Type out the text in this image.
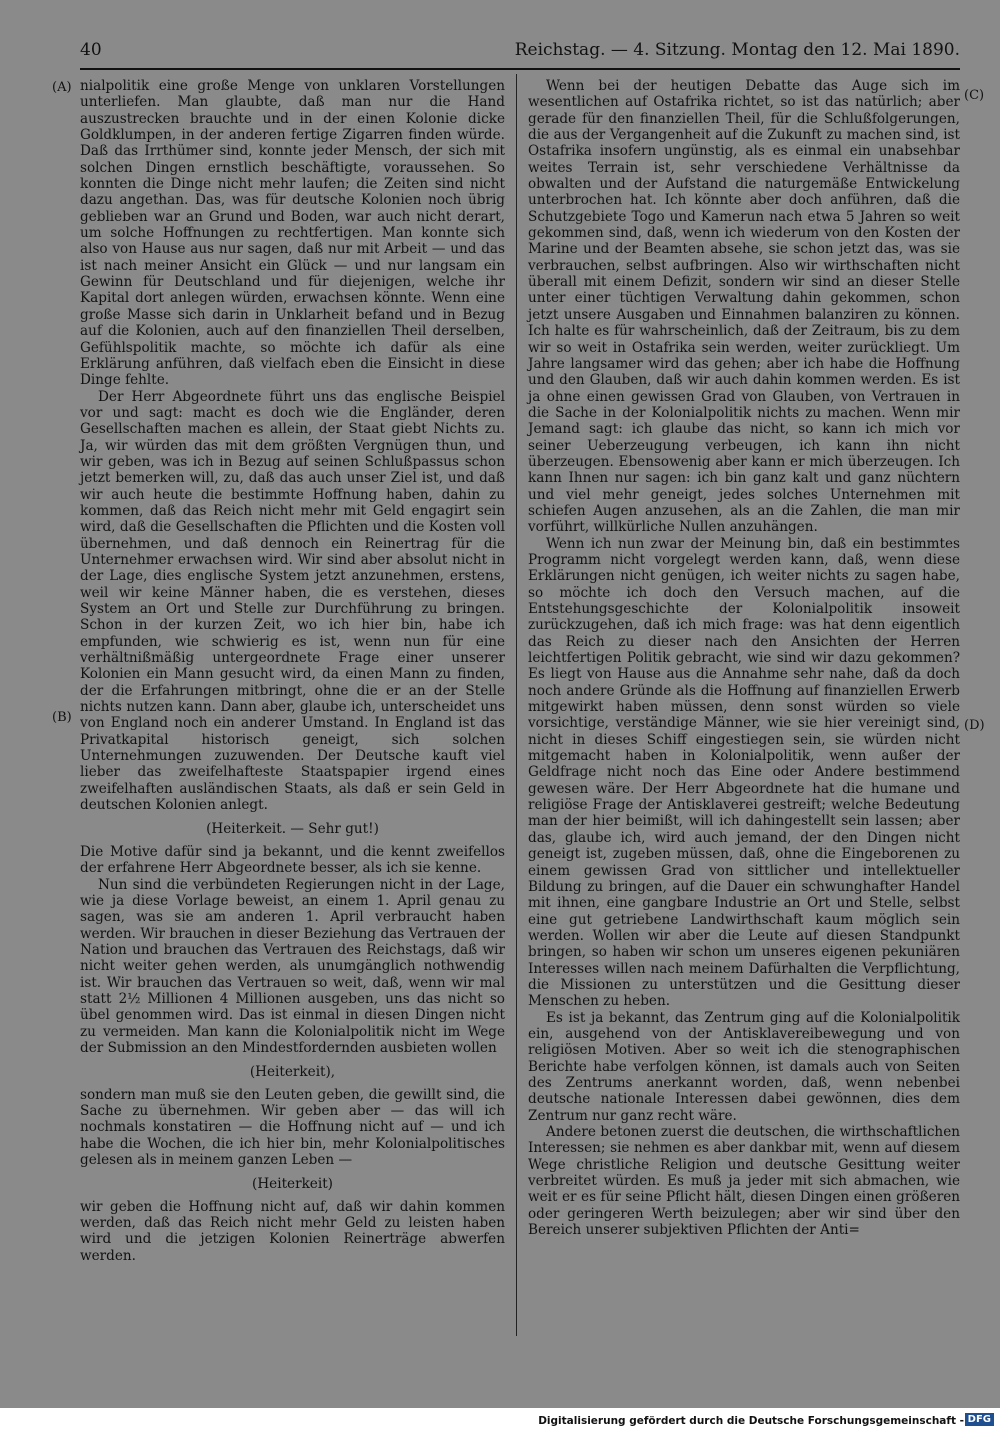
40	Reichstag. — 4. Sitzung. Montag den 12. Mai 1890.
(A)
(B)
(C)
(D)

nialpolitik eine große Menge von unklaren Vorstellungen unterliefen. Man glaubte, daß man nur die Hand auszustrecken brauchte und in der einen Kolonie dicke Goldklumpen, in der anderen fertige Zigarren finden würde. Daß das Irrthümer sind, konnte jeder Mensch, der sich mit solchen Dingen ernstlich beschäftigte, voraussehen. So konnten die Dinge nicht mehr laufen; die Zeiten sind nicht dazu angethan. Das, was für deutsche Kolonien noch übrig geblieben war an Grund und Boden, war auch nicht derart, um solche Hoffnungen zu rechtfertigen. Man konnte sich also von Hause aus nur sagen, daß nur mit Arbeit — und das ist nach meiner Ansicht ein Glück — und nur langsam ein Gewinn für Deutschland und für diejenigen, welche ihr Kapital dort anlegen würden, erwachsen könnte. Wenn eine große Masse sich darin in Unklarheit befand und in Bezug auf die Kolonien, auch auf den finanziellen Theil derselben, Gefühlspolitik machte, so möchte ich dafür als eine Erklärung anführen, daß vielfach eben die Einsicht in diese Dinge fehlte.

Der Herr Abgeordnete führt uns das englische Beispiel vor und sagt: macht es doch wie die Engländer, deren Gesellschaften machen es allein, der Staat giebt Nichts zu. Ja, wir würden das mit dem größten Vergnügen thun, und wir geben, was ich in Bezug auf seinen Schlußpassus schon jetzt bemerken will, zu, daß das auch unser Ziel ist, und daß wir auch heute die bestimmte Hoffnung haben, dahin zu kommen, daß das Reich nicht mehr mit Geld engagirt sein wird, daß die Gesellschaften die Pflichten und die Kosten voll übernehmen, und daß dennoch ein Reinertrag für die Unternehmer erwachsen wird. Wir sind aber absolut nicht in der Lage, dies englische System jetzt anzunehmen, erstens, weil wir keine Männer haben, die es verstehen, dieses System an Ort und Stelle zur Durchführung zu bringen. Schon in der kurzen Zeit, wo ich hier bin, habe ich empfunden, wie schwierig es ist, wenn nun für eine verhältnißmäßig untergeordnete Frage einer unserer Kolonien ein Mann gesucht wird, da einen Mann zu finden, der die Erfahrungen mitbringt, ohne die er an der Stelle nichts nutzen kann. Dann aber, glaube ich, unterscheidet uns von England noch ein anderer Umstand. In England ist das Privatkapital historisch geneigt, sich solchen Unternehmungen zuzuwenden. Der Deutsche kauft viel lieber das zweifelhafteste Staatspapier irgend eines zweifelhaften ausländischen Staats, als daß er sein Geld in deutschen Kolonien anlegt.

(Heiterkeit. — Sehr gut!)

Die Motive dafür sind ja bekannt, und die kennt zweifellos der erfahrene Herr Abgeordnete besser, als ich sie kenne.

Nun sind die verbündeten Regierungen nicht in der Lage, wie ja diese Vorlage beweist, an einem 1. April genau zu sagen, was sie am anderen 1. April verbraucht haben werden. Wir brauchen in dieser Beziehung das Vertrauen der Nation und brauchen das Vertrauen des Reichstags, daß wir nicht weiter gehen werden, als unumgänglich nothwendig ist. Wir brauchen das Vertrauen so weit, daß, wenn wir mal statt 2½ Millionen 4 Millionen ausgeben, uns das nicht so übel genommen wird. Das ist einmal in diesen Dingen nicht zu vermeiden. Man kann die Kolonialpolitik nicht im Wege der Submission an den Mindestfordernden ausbieten wollen

(Heiterkeit),

sondern man muß sie den Leuten geben, die gewillt sind, die Sache zu übernehmen. Wir geben aber — das will ich nochmals konstatiren — die Hoffnung nicht auf — und ich habe die Wochen, die ich hier bin, mehr Kolonialpolitisches gelesen als in meinem ganzen Leben —

(Heiterkeit)

wir geben die Hoffnung nicht auf, daß wir dahin kommen werden, daß das Reich nicht mehr Geld zu leisten haben wird und die jetzigen Kolonien Reinerträge abwerfen werden.

Wenn bei der heutigen Debatte das Auge sich im wesentlichen auf Ostafrika richtet, so ist das natürlich; aber gerade für den finanziellen Theil, für die Schlußfolgerungen, die aus der Vergangenheit auf die Zukunft zu machen sind, ist Ostafrika insofern ungünstig, als es einmal ein unabsehbar weites Terrain ist, sehr verschiedene Verhältnisse da obwalten und der Aufstand die naturgemäße Entwickelung unterbrochen hat. Ich könnte aber doch anführen, daß die Schutzgebiete Togo und Kamerun nach etwa 5 Jahren so weit gekommen sind, daß, wenn ich wiederum von den Kosten der Marine und der Beamten absehe, sie schon jetzt das, was sie verbrauchen, selbst aufbringen. Also wir wirthschaften nicht überall mit einem Defizit, sondern wir sind an dieser Stelle unter einer tüchtigen Verwaltung dahin gekommen, schon jetzt unsere Ausgaben und Einnahmen balanziren zu können. Ich halte es für wahrscheinlich, daß der Zeitraum, bis zu dem wir so weit in Ostafrika sein werden, weiter zurückliegt. Um Jahre langsamer wird das gehen; aber ich habe die Hoffnung und den Glauben, daß wir auch dahin kommen werden. Es ist ja ohne einen gewissen Grad von Glauben, von Vertrauen in die Sache in der Kolonialpolitik nichts zu machen. Wenn mir Jemand sagt: ich glaube das nicht, so kann ich mich vor seiner Ueberzeugung verbeugen, ich kann ihn nicht überzeugen. Ebensowenig aber kann er mich überzeugen. Ich kann Ihnen nur sagen: ich bin ganz kalt und ganz nüchtern und viel mehr geneigt, jedes solches Unternehmen mit schiefen Augen anzusehen, als an die Zahlen, die man mir vorführt, willkürliche Nullen anzuhängen.

Wenn ich nun zwar der Meinung bin, daß ein bestimmtes Programm nicht vorgelegt werden kann, daß, wenn diese Erklärungen nicht genügen, ich weiter nichts zu sagen habe, so möchte ich doch den Versuch machen, auf die Entstehungsgeschichte der Kolonialpolitik insoweit zurückzugehen, daß ich mich frage: was hat denn eigentlich das Reich zu dieser nach den Ansichten der Herren leichtfertigen Politik gebracht, wie sind wir dazu gekommen? Es liegt von Hause aus die Annahme sehr nahe, daß da doch noch andere Gründe als die Hoffnung auf finanziellen Erwerb mitgewirkt haben müssen, denn sonst würden so viele vorsichtige, verständige Männer, wie sie hier vereinigt sind, nicht in dieses Schiff eingestiegen sein, sie würden nicht mitgemacht haben in Kolonialpolitik, wenn außer der Geldfrage nicht noch das Eine oder Andere bestimmend gewesen wäre. Der Herr Abgeordnete hat die humane und religiöse Frage der Antisklaverei gestreift; welche Bedeutung man der hier beimißt, will ich dahingestellt sein lassen; aber das, glaube ich, wird auch jemand, der den Dingen nicht geneigt ist, zugeben müssen, daß, ohne die Eingeborenen zu einem gewissen Grad von sittlicher und intellektueller Bildung zu bringen, auf die Dauer ein schwunghafter Handel mit ihnen, eine gangbare Industrie an Ort und Stelle, selbst eine gut getriebene Landwirthschaft kaum möglich sein werden. Wollen wir aber die Leute auf diesen Standpunkt bringen, so haben wir schon um unseres eigenen pekuniären Interesses willen nach meinem Dafürhalten die Verpflichtung, die Missionen zu unterstützen und die Gesittung dieser Menschen zu heben.

Es ist ja bekannt, das Zentrum ging auf die Kolonialpolitik ein, ausgehend von der Antisklavereibewegung und von religiösen Motiven. Aber so weit ich die stenographischen Berichte habe verfolgen können, ist damals auch von Seiten des Zentrums anerkannt worden, daß, wenn nebenbei deutsche nationale Interessen dabei gewönnen, dies dem Zentrum nur ganz recht wäre.

Andere betonen zuerst die deutschen, die wirthschaftlichen Interessen; sie nehmen es aber dankbar mit, wenn auf diesem Wege christliche Religion und deutsche Gesittung weiter verbreitet würden. Es muß ja jeder mit sich abmachen, wie weit er es für seine Pflicht hält, diesen Dingen einen größeren oder geringeren Werth beizulegen; aber wir sind über den Bereich unserer subjektiven Pflichten der Anti=

Digitalisierung gefördert durch die Deutsche Forschungsgemeinschaft - DFG
